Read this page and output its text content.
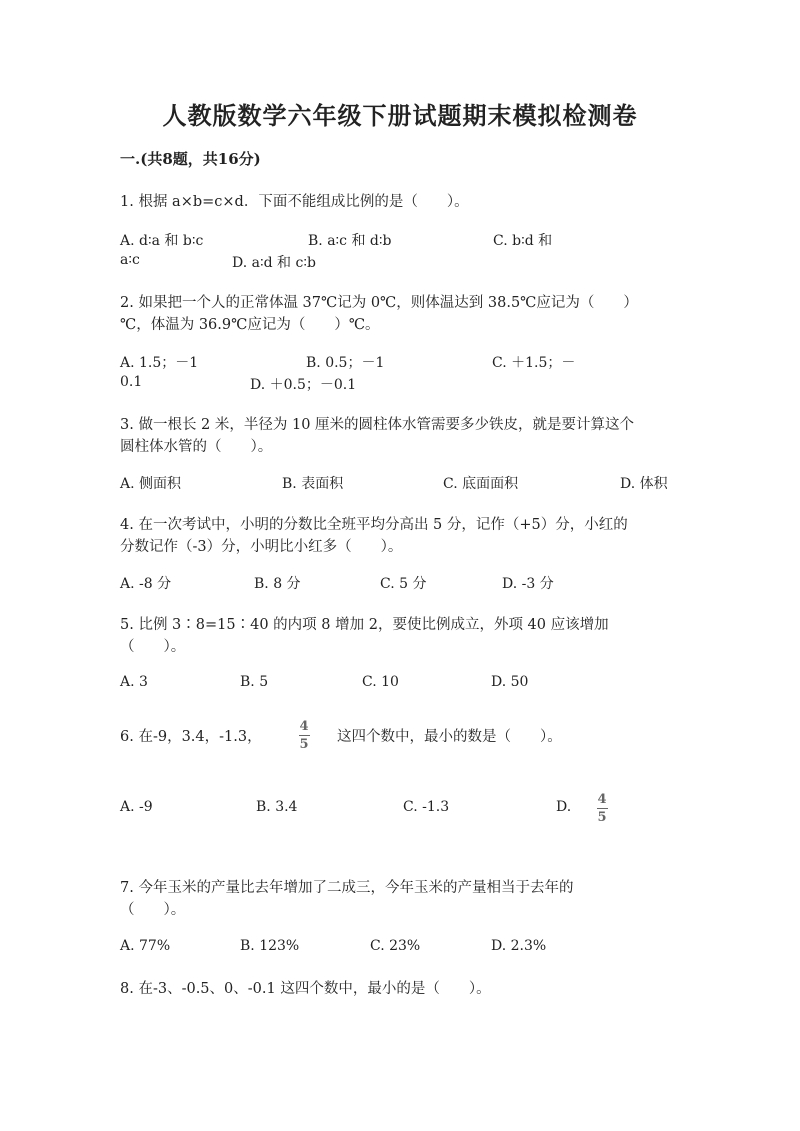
人教版数学六年级下册试题期末模拟检测卷
一.(共8题，共16分)
1. 根据 a×b=c×d．下面不能组成比例的是（　　）。
A. d∶a 和 b∶c	B. a∶c 和 d∶b	C. b∶d 和
a∶c	D. a∶d 和 c∶b
2. 如果把一个人的正常体温 37℃记为 0℃，则体温达到 38.5℃应记为（　　）
℃，体温为 36.9℃应记为（　　）℃。
A. 1.5；－1	B. 0.5；－1	C. ＋1.5；－
0.1	D. ＋0.5；－0.1
3. 做一根长 2 米，半径为 10 厘米的圆柱体水管需要多少铁皮，就是要计算这个
圆柱体水管的（　　）。
A. 侧面积	B. 表面积	C. 底面面积	D. 体积
4. 在一次考试中，小明的分数比全班平均分高出 5 分，记作（+5）分，小红的
分数记作（-3）分，小明比小红多（　　）。
A. -8 分	B. 8 分	C. 5 分	D. -3 分
5. 比例 3∶8=15∶40 的内项 8 增加 2，要使比例成立，外项 40 应该增加
（　　）。
A. 3	B. 5	C. 10	D. 50
6. 在-9，3.4，-1.3，
4
5 这四个数中，最小的数是（　　）。
A. -9	B. 3.4	C. -1.3	D. 4
5
7. 今年玉米的产量比去年增加了二成三，今年玉米的产量相当于去年的
（　　）。
A. 77%	B. 123%	C. 23%	D. 2.3%
8. 在-3、-0.5、0、-0.1 这四个数中，最小的是（　　）。
